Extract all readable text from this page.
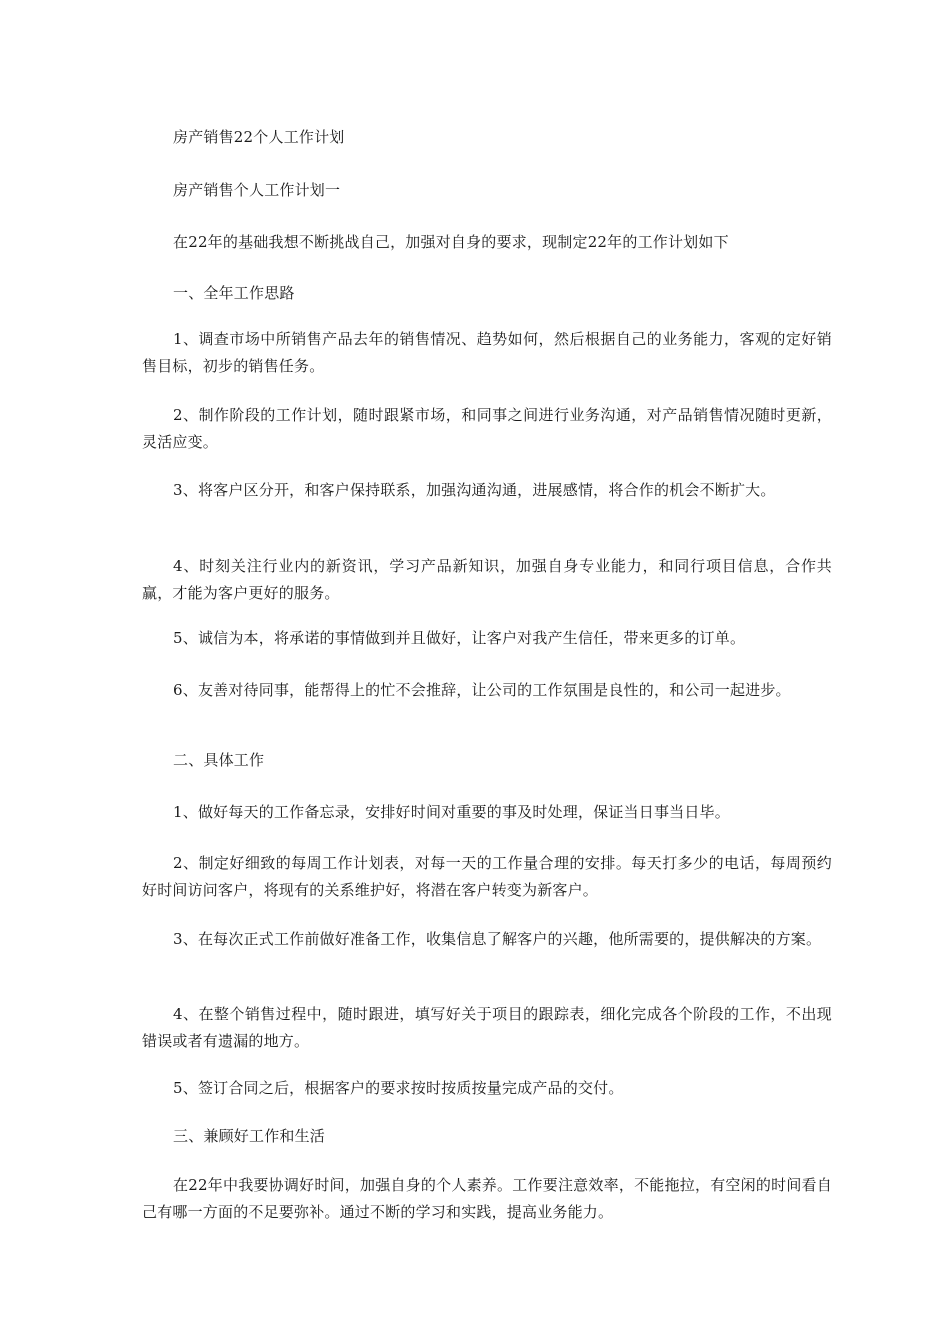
房产销售22个人工作计划

房产销售个人工作计划一

在22年的基础我想不断挑战自己，加强对自身的要求，现制定22年的工作计划如下

一、全年工作思路

1、调查市场中所销售产品去年的销售情况、趋势如何，然后根据自己的业务能力，客观的定好销售目标，初步的销售任务。

2、制作阶段的工作计划，随时跟紧市场，和同事之间进行业务沟通，对产品销售情况随时更新，灵活应变。

3、将客户区分开，和客户保持联系，加强沟通沟通，进展感情，将合作的机会不断扩大。

4、时刻关注行业内的新资讯，学习产品新知识，加强自身专业能力，和同行项目信息，合作共赢，才能为客户更好的服务。

5、诚信为本，将承诺的事情做到并且做好，让客户对我产生信任，带来更多的订单。

6、友善对待同事，能帮得上的忙不会推辞，让公司的工作氛围是良性的，和公司一起进步。

二、具体工作

1、做好每天的工作备忘录，安排好时间对重要的事及时处理，保证当日事当日毕。

2、制定好细致的每周工作计划表，对每一天的工作量合理的安排。每天打多少的电话，每周预约好时间访问客户，将现有的关系维护好，将潜在客户转变为新客户。

3、在每次正式工作前做好准备工作，收集信息了解客户的兴趣，他所需要的，提供解决的方案。

4、在整个销售过程中，随时跟进，填写好关于项目的跟踪表，细化完成各个阶段的工作，不出现错误或者有遗漏的地方。

5、签订合同之后，根据客户的要求按时按质按量完成产品的交付。

三、兼顾好工作和生活

在22年中我要协调好时间，加强自身的个人素养。工作要注意效率，不能拖拉，有空闲的时间看自己有哪一方面的不足要弥补。通过不断的学习和实践，提高业务能力。
